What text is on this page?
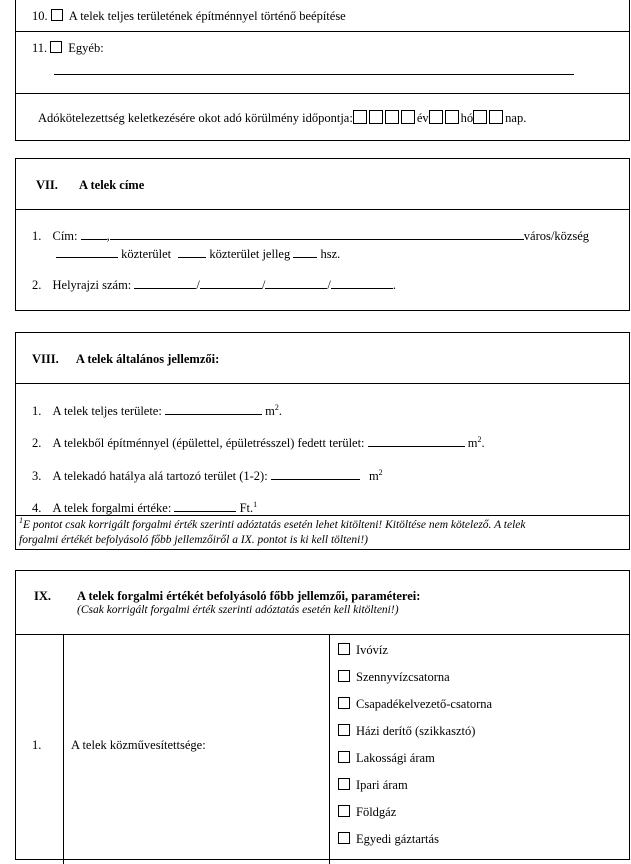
10. A telek teljes területének építménnyel történő beépítése
11. Egyéb:
Adókötelezettség keletkezésére okot adó körülmény időpontja:	év	hó	nap.
VII. A telek címe
1. Cím: ,	város/község
közterület	közterület jelleg hsz.
2. Helyrajzi szám:	/	/	/	.
VIII. A telek általános jellemzői:
1. A telek teljes területe:	$m^2$.
2. A telekből építménnyel (épülettel, épületrésszel) fedett terület:	$m^2$.
3. A telekadó hatálya alá tartozó terület (1-2):	$m^2$
4. A telek forgalmi értéke:	Ft.$^1$
$^1$E pontot csak korrigált forgalmi érték szerinti adóztatás esetén lehet kitölteni! Kitöltése nem kötelező. A telek
forgalmi értékét befolyásoló főbb jellemzőiről a IX. pontot is ki kell tölteni!)
IX. A telek forgalmi értékét befolyásoló főbb jellemzői, paraméterei:
(Csak korrigált forgalmi érték szerinti adóztatás esetén kell kitölteni!)
1. A telek közművesítettsége:
Ivóvíz
Szennyvízcsatorna
Csapadékelvezető-csatorna
Házi derítő (szikkasztó)
Lakossági áram
Ipari áram
Földgáz
Egyedi gáztartás
